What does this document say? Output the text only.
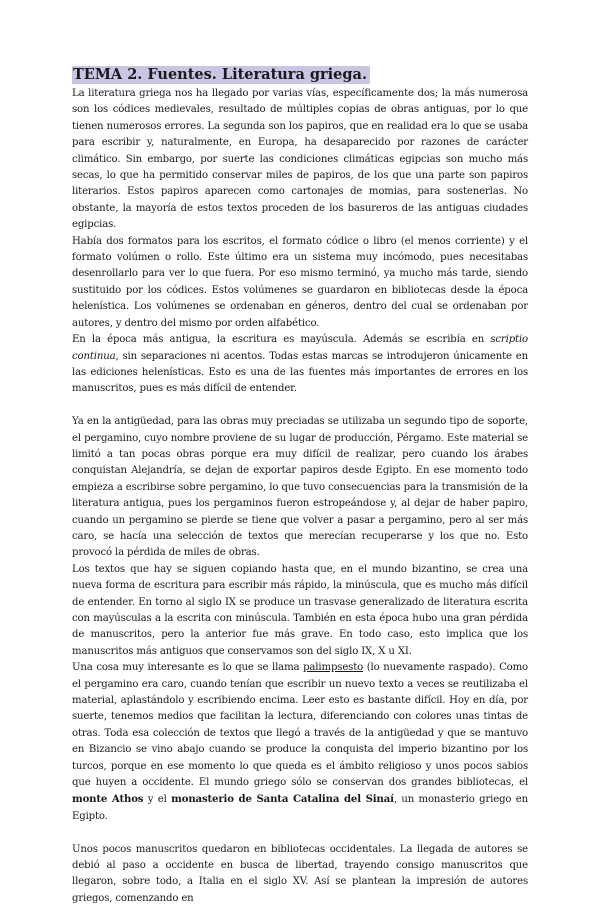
TEMA 2. Fuentes. Literatura griega.

La literatura griega nos ha llegado por varias vías, específicamente dos; la más numerosa son los códices medievales, resultado de múltiples copias de obras antiguas, por lo que tienen numerosos errores. La segunda son los papiros, que en realidad era lo que se usaba para escribir y, naturalmente, en Europa, ha desaparecido por razones de carácter climático. Sin embargo, por suerte las condiciones climáticas egipcias son mucho más secas, lo que ha permitido conservar miles de papiros, de los que una parte son papiros literarios. Estos papiros aparecen como cartonajes de momias, para sostenerlas. No obstante, la mayoría de estos textos proceden de los basureros de las antiguas ciudades egipcias.

Había dos formatos para los escritos, el formato códice o libro (el menos corriente) y el formato volúmen o rollo. Este último era un sistema muy incómodo, pues necesitabas desenrollarlo para ver lo que fuera. Por eso mismo terminó, ya mucho más tarde, siendo sustituido por los códices. Estos volúmenes se guardaron en bibliotecas desde la época helenística. Los volúmenes se ordenaban en géneros, dentro del cual se ordenaban por autores, y dentro del mismo por orden alfabético.

En la época más antigua, la escritura es mayúscula. Además se escribía en scriptio continua, sin separaciones ni acentos. Todas estas marcas se introdujeron únicamente en las ediciones helenísticas. Esto es una de las fuentes más importantes de errores en los manuscritos, pues es más difícil de entender.

Ya en la antigüedad, para las obras muy preciadas se utilizaba un segundo tipo de soporte, el pergamino, cuyo nombre proviene de su lugar de producción, Pérgamo. Este material se limitó a tan pocas obras porque era muy difícil de realizar, pero cuando los árabes conquistan Alejandría, se dejan de exportar papiros desde Egipto. En ese momento todo empieza a escribirse sobre pergamino, lo que tuvo consecuencias para la transmisión de la literatura antigua, pues los pergaminos fueron estropeándose y, al dejar de haber papiro, cuando un pergamino se pierde se tiene que volver a pasar a pergamino, pero al ser más caro, se hacía una selección de textos que merecían recuperarse y los que no. Esto provocó la pérdida de miles de obras.

Los textos que hay se siguen copiando hasta que, en el mundo bizantino, se crea una nueva forma de escritura para escribir más rápido, la minúscula, que es mucho más difícil de entender. En torno al siglo IX se produce un trasvase generalizado de literatura escrita con mayúsculas a la escrita con minúscula. También en esta época hubo una gran pérdida de manuscritos, pero la anterior fue más grave. En todo caso, esto implica que los manuscritos más antiguos que conservamos son del siglo IX, X u XI.

Una cosa muy interesante es lo que se llama palimpsesto (lo nuevamente raspado). Como el pergamino era caro, cuando tenían que escribir un nuevo texto a veces se reutilizaba el material, aplastándolo y escribiendo encima. Leer esto es bastante difícil. Hoy en día, por suerte, tenemos medios que facilitan la lectura, diferenciando con colores unas tintas de otras. Toda esa colección de textos que llegó a través de la antigüedad y que se mantuvo en Bizancio se vino abajo cuando se produce la conquista del imperio bizantino por los turcos, porque en ese momento lo que queda es el ámbito religioso y unos pocos sabios que huyen a occidente. El mundo griego sólo se conservan dos grandes bibliotecas, el monte Athos y el monasterio de Santa Catalina del Sinaí, un monasterio griego en Egipto.

Unos pocos manuscritos quedaron en bibliotecas occidentales. La llegada de autores se debió al paso a occidente en busca de libertad, trayendo consigo manuscritos que llegaron, sobre todo, a Italia en el siglo XV. Así se plantean la impresión de autores griegos, comenzando en
